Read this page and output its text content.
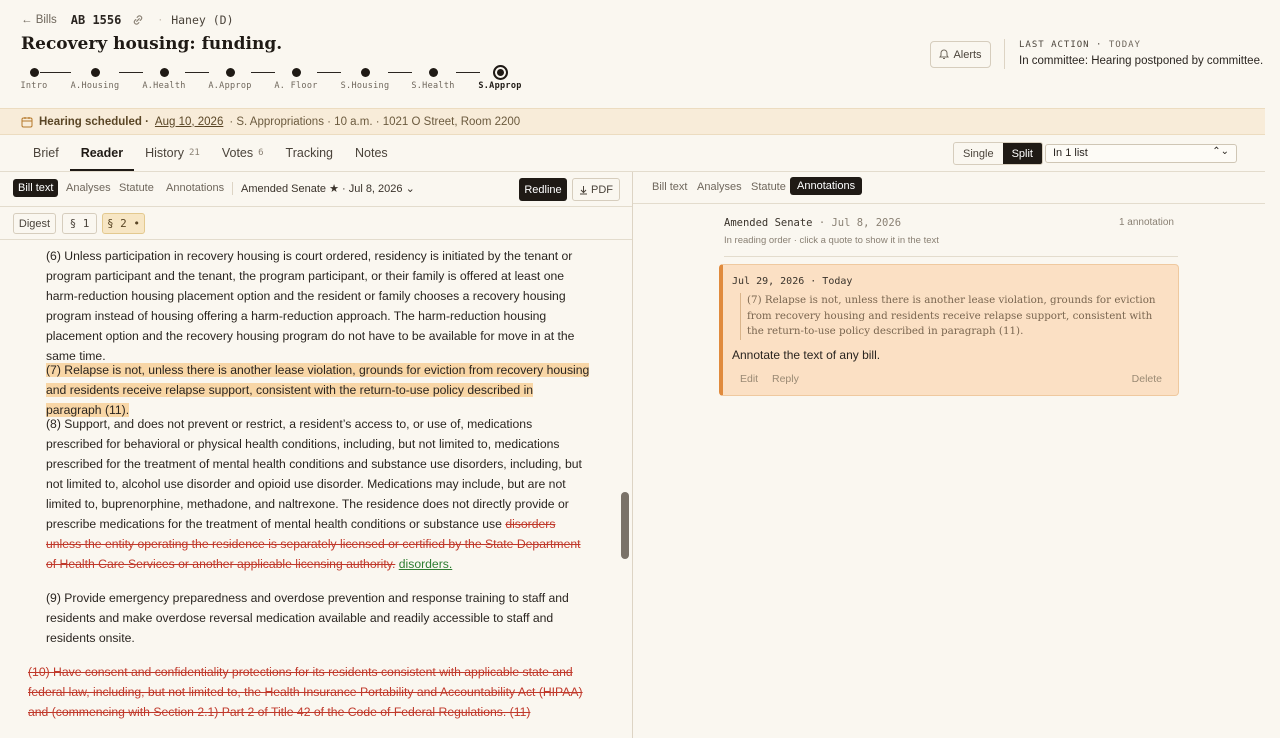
← Bills AB 1556	· Haney (D)
Recovery housing: funding.
Intro	A.Housing	A.Health	A.Approp	A. Floor	S.Housing	S.Health	S.Approp
Alerts
LAST ACTION · TODAY
In committee: Hearing postponed by committee.
Hearing scheduled · Aug 10, 2026 · S. Appropriations · 10 a.m. · 1021 O Street, Room 2200
Brief Reader History 21 Votes 6 Tracking Notes	Single	Split	In 1 list	⌃⌄
Bill text	Analyses Statute Annotations	Amended Senate ★ · Jul 8, 2026 ⌄	Redline	PDF
Digest	§ 1	§ 2 •
(6) Unless participation in recovery housing is court ordered, residency is initiated by the tenant or program participant and the tenant, the program participant, or their family is offered at least one harm-reduction housing placement option and the resident or family chooses a recovery housing program instead of housing offering a harm-reduction approach. The harm-reduction housing placement option and the recovery housing program do not have to be available for move in at the same time.
(7) Relapse is not, unless there is another lease violation, grounds for eviction from recovery housing and residents receive relapse support, consistent with the return-to-use policy described in paragraph (11).
(8) Support, and does not prevent or restrict, a resident’s access to, or use of, medications prescribed for behavioral or physical health conditions, including, but not limited to, medications prescribed for the treatment of mental health conditions and substance use disorders, including, but not limited to, alcohol use disorder and opioid use disorder. Medications may include, but are not limited to, buprenorphine, methadone, and naltrexone. The residence does not directly provide or prescribe medications for the treatment of mental health conditions or substance use disorders unless the entity operating the residence is separately licensed or certified by the State Department of Health Care Services or another applicable licensing authority. disorders.
(9) Provide emergency preparedness and overdose prevention and response training to staff and residents and make overdose reversal medication available and readily accessible to staff and residents onsite.
(10) Have consent and confidentiality protections for its residents consistent with applicable state and federal law, including, but not limited to, the Health Insurance Portability and Accountability Act (HIPAA) and (commencing with Section 2.1) Part 2 of Title 42 of the Code of Federal Regulations. (11)
Bill text Analyses Statute	Annotations
Amended Senate · Jul 8, 2026
In reading order · click a quote to show it in the text
1 annotation
Jul 29, 2026 · Today
(7) Relapse is not, unless there is another lease violation, grounds for eviction from recovery housing and residents receive relapse support, consistent with the return-to-use policy described in paragraph (11).
Annotate the text of any bill.
Edit Reply	Delete
